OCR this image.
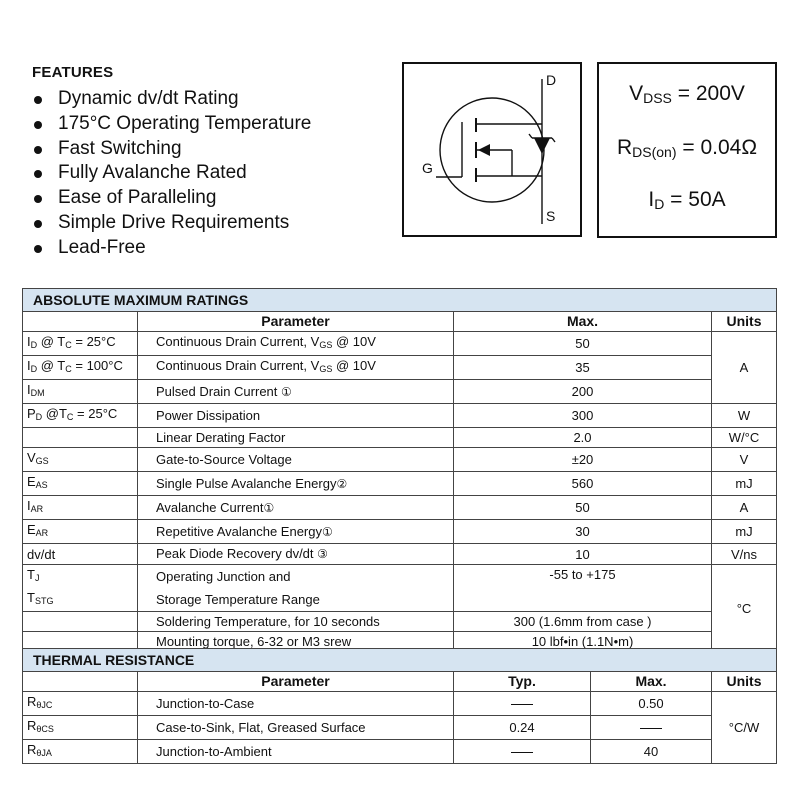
FEATURES
Dynamic dv/dt Rating
175°C Operating Temperature
Fast Switching
Fully Avalanche Rated
Ease of Paralleling
Simple Drive Requirements
Lead-Free
D
G
S
$V_{DSS} = 200V$
$R_{DS(on)} = 0.04\Omega$
$I_D = 50A$
ABSOLUTE MAXIMUM RATINGS			
	Parameter	Max.	Units
$I_D$ @ $T_C = 25^\circ C$	Continuous Drain Current, $V_{GS}$ @ 10V	50	A
$I_D$ @ $T_C = 100^\circ C$	Continuous Drain Current, $V_{GS}$ @ 10V	35	
$I_{DM}$	Pulsed Drain Current ①	200	
$P_D$ $@T_C = 25^\circ C$	Power Dissipation	300	W
	Linear Derating Factor	2.0	W/°C
$V_{GS}$	Gate-to-Source Voltage	±20	V
$E_{AS}$	Single Pulse Avalanche Energy②	560	mJ
$I_{AR}$	Avalanche Current①	50	A
$E_{AR}$	Repetitive Avalanche Energy①	30	mJ
dv/dt	Peak Diode Recovery dv/dt ③	10	V/ns
$T_J$	Operating Junction and	-55 to +175	°C
$T_{STG}$	Storage Temperature Range		
	Soldering Temperature, for 10 seconds	300 (1.6mm from case )	
	Mounting torque, 6-32 or M3 srew	10 lbf•in (1.1N•m)	
THERMAL RESISTANCE				
	Parameter	Typ.	Max.	Units
$R_{\theta JC}$	Junction-to-Case		0.50	°C/W
$R_{\theta CS}$	Case-to-Sink, Flat, Greased Surface	0.24		
$R_{\theta JA}$	Junction-to-Ambient		40	
